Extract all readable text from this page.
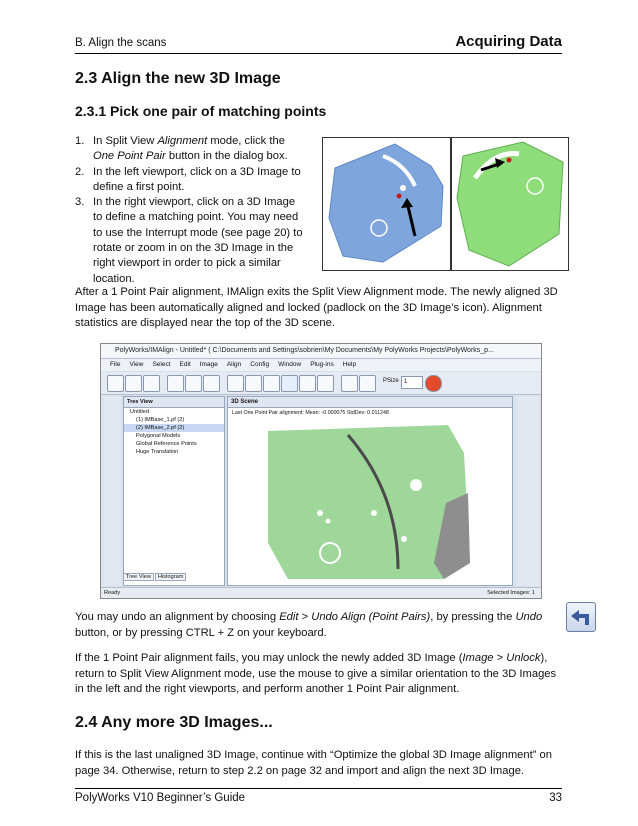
B. Align the scans	Acquiring Data
2.3 Align the new 3D Image
2.3.1 Pick one pair of matching points
1. In Split View Alignment mode, click the One Point Pair button in the dialog box.
2. In the left viewport, click on a 3D Image to define a first point.
3. In the right viewport, click on a 3D Image to define a matching point. You may need to use the Interrupt mode (see page 20) to rotate or zoom in on the 3D Image in the right viewport in order to pick a similar location.

After a 1 Point Pair alignment, IMAlign exits the Split View Alignment mode. The newly aligned 3D Image has been automatically aligned and locked (padlock on the 3D Image’s icon). Alignment statistics are displayed near the top of the 3D scene.

PolyWorks/IMAlign - Untitled* ( C:\Documents and Settings\sobrien\My Documents\My PolyWorks Projects\PolyWorks_p...
File View Select Edit Image Align Config Window Plug-ins Help
PSize 1
Tree View
Untitled
(1) IMBase_1.pf (2)
(2) IMBase_2.pf (2)
Polygonal Models
Global Reference Points
Huge Translation
Tree View Histogram
3D Scene
Last One Point Pair alignment: Mean: -0.000075 StdDev: 0.011248
Ready	Selected Images: 1

You may undo an alignment by choosing Edit > Undo Align (Point Pairs), by pressing the Undo button, or by pressing CTRL + Z on your keyboard.

If the 1 Point Pair alignment fails, you may unlock the newly added 3D Image (Image > Unlock), return to Split View Alignment mode, use the mouse to give a similar orientation to the 3D Images in the left and the right viewports, and perform another 1 Point Pair alignment.

2.4 Any more 3D Images...

If this is the last unaligned 3D Image, continue with “Optimize the global 3D Image alignment” on page 34. Otherwise, return to step 2.2 on page 32 and import and align the next 3D Image.

PolyWorks V10 Beginner’s Guide	33
